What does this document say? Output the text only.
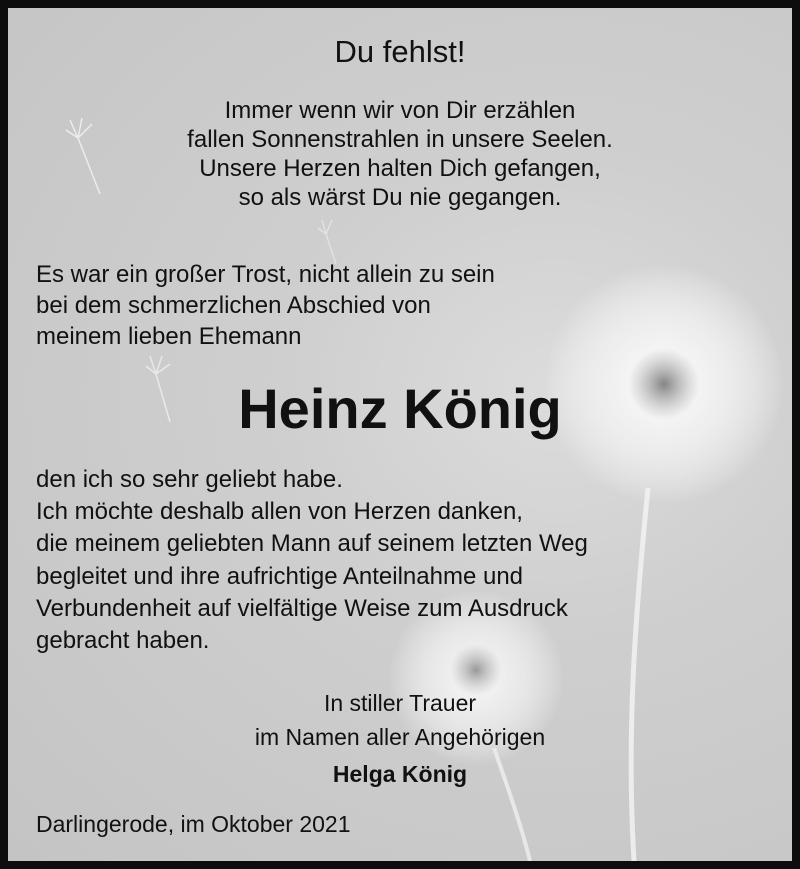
Du fehlst!
Immer wenn wir von Dir erzählen
fallen Sonnenstrahlen in unsere Seelen.
Unsere Herzen halten Dich gefangen,
so als wärst Du nie gegangen.
Es war ein großer Trost, nicht allein zu sein
bei dem schmerzlichen Abschied von
meinem lieben Ehemann
Heinz König
den ich so sehr geliebt habe.
Ich möchte deshalb allen von Herzen danken,
die meinem geliebten Mann auf seinem letzten Weg
begleitet und ihre aufrichtige Anteilnahme und
Verbundenheit auf vielfältige Weise zum Ausdruck
gebracht haben.
In stiller Trauer
im Namen aller Angehörigen
Helga König
Darlingerode, im Oktober 2021
